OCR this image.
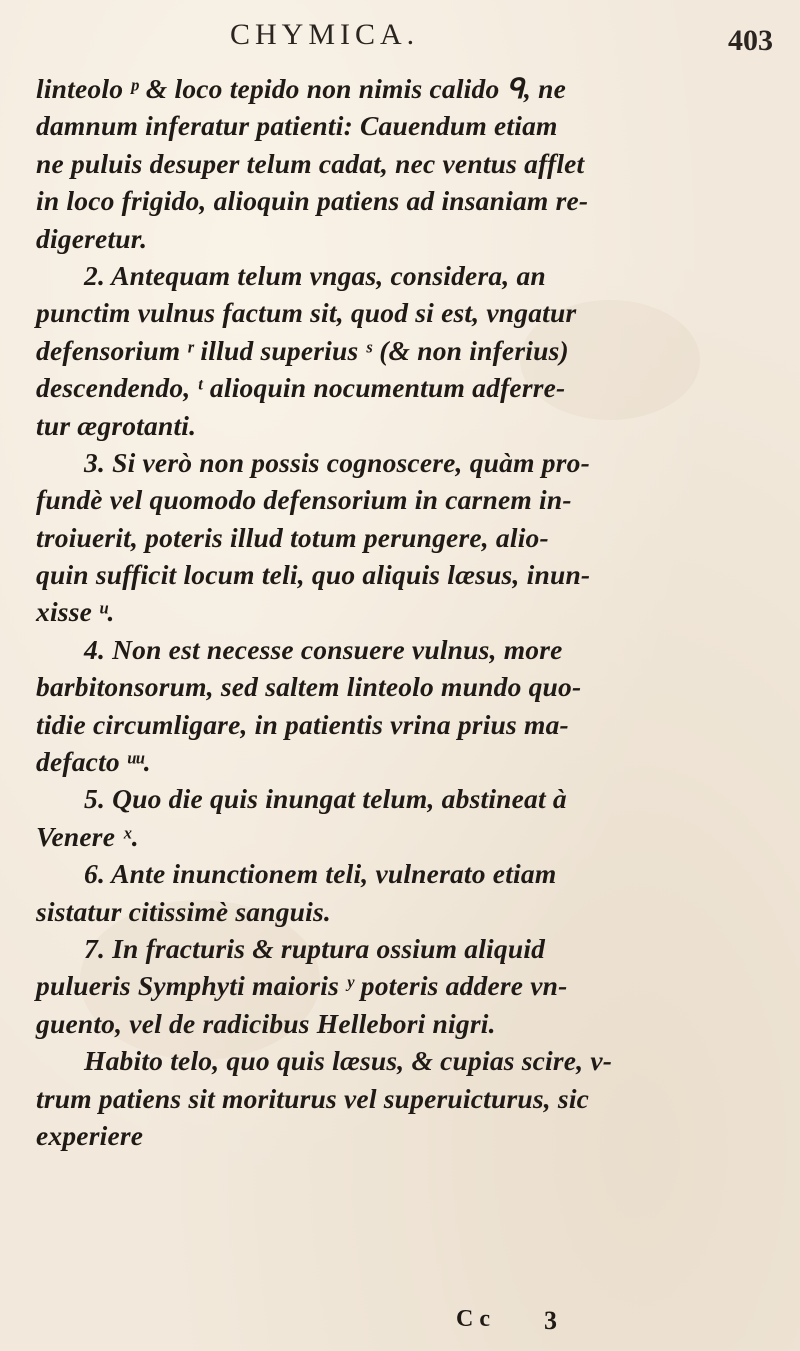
CHYMICA.	403
linteolo ᵖ & loco tepido non nimis calido ᑫ, ne
damnum inferatur patienti: Cauendum etiam
ne puluis desuper telum cadat, nec ventus afflet
in loco frigido, alioquin patiens ad insaniam re-
digeretur.
2. Antequam telum vngas, considera, an
punctim vulnus factum sit, quod si est, vngatur
defensorium ʳ illud superius ˢ (& non inferius)
descendendo, ᵗ alioquin nocumentum adferre-
tur ægrotanti.
3. Si verò non possis cognoscere, quàm pro-
fundè vel quomodo defensorium in carnem in-
troiuerit, poteris illud totum perungere, alio-
quin sufficit locum teli, quo aliquis læsus, inun-
xisse ᵘ.
4. Non est necesse consuere vulnus, more
barbitonsorum, sed saltem linteolo mundo quo-
tidie circumligare, in patientis vrina prius ma-
defacto ᵘᵘ.
5. Quo die quis inungat telum, abstineat à
Venere ˣ.
6. Ante inunctionem teli, vulnerato etiam
sistatur citissimè sanguis.
7. In fracturis & ruptura ossium aliquid
pulueris Symphyti maioris ʸ poteris addere vn-
guento, vel de radicibus Hellebori nigri.
Habito telo, quo quis læsus, & cupias scire, v-
trum patiens sit moriturus vel superuicturus, sic
experiere
C c 3
